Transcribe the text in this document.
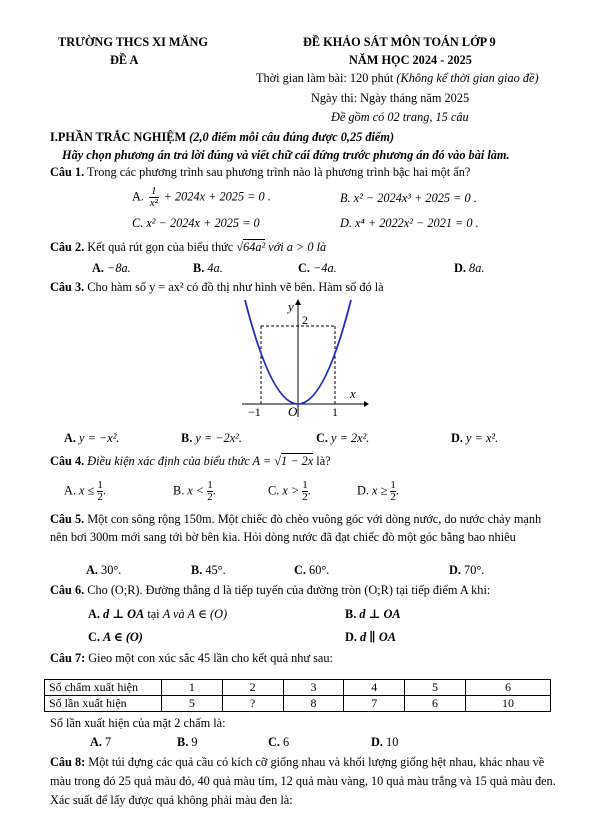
TRƯỜNG THCS XI MĂNG
ĐỀ A
ĐỀ KHẢO SÁT MÔN TOÁN LỚP 9
NĂM HỌC 2024 - 2025
Thời gian làm bài: 120 phút (Không kể thời gian giao đề)
Ngày thi: Ngày tháng năm 2025
Đề gồm có 02 trang, 15 câu
I.PHẦN TRẮC NGHIỆM (2,0 điểm mỗi câu đúng được 0,25 điểm)
Hãy chọn phương án trả lời đúng và viết chữ cái đứng trước phương án đó vào bài làm.
Câu 1. Trong các phương trình sau phương trình nào là phương trình bậc hai một ẩn?
A. $\frac{1}{\text{x²}} + 2024x + 2025 = 0$ .	B. x² − 2024x³ + 2025 = 0 .
C. x² − 2024x + 2025 = 0	D. x⁴ + 2022x² − 2021 = 0 .
Câu 2. Kết quả rút gọn của biểu thức √64a² với a > 0 là
A. −8a.	B. 4a.	C. −4a.	D. 8a.
Câu 3. Cho hàm số y = ax² có đồ thị như hình vẽ bên. Hàm số đó là
y
x
2
−1 O	1
A. y = −x².	B. y = −2x².	C. y = 2x².	D. y = x².
Câu 4. Điều kiện xác định của biểu thức A = √1 − 2x là?
A. $x \le \frac{1}{2}$ .	B. $x < \frac{1}{2}$ .	C. $x > \frac{1}{2}$ .	D. $x \ge \frac{1}{2}$ .
Câu 5. Một con sông rộng 150m. Một chiếc đò chèo vuông góc với dòng nước, do nước chảy mạnh nên bơi 300m mới sang tới bờ bên kia. Hỏi dòng nước đã đạt chiếc đò một góc bằng bao nhiêu
A. 30°.	B. 45°.	C. 60°.	D. 70°.
Câu 6. Cho (O;R). Đường thẳng d là tiếp tuyến của đường tròn (O;R) tại tiếp điểm A khi:
A. d ⊥ OA tại A và A ∈ (O)	B. d ⊥ OA
C. A ∈ (O)	D. d ∥ OA
Câu 7: Gieo một con xúc sắc 45 lần cho kết quả như sau:
Số chấm xuất hiện	1	2	3	4	5	6
Số lần xuất hiện	5	?	8	7	6	10
Số lần xuất hiện của mặt 2 chấm là:
A. 7	B. 9	C. 6	D. 10
Câu 8: Một túi đựng các quả cầu có kích cỡ giống nhau và khối lượng giống hệt nhau, khác nhau về màu trong đó 25 quả màu đỏ, 40 quả màu tím, 12 quả màu vàng, 10 quả màu trắng và 15 quả màu đen. Xác suất để lấy được quả không phải màu đen là:
